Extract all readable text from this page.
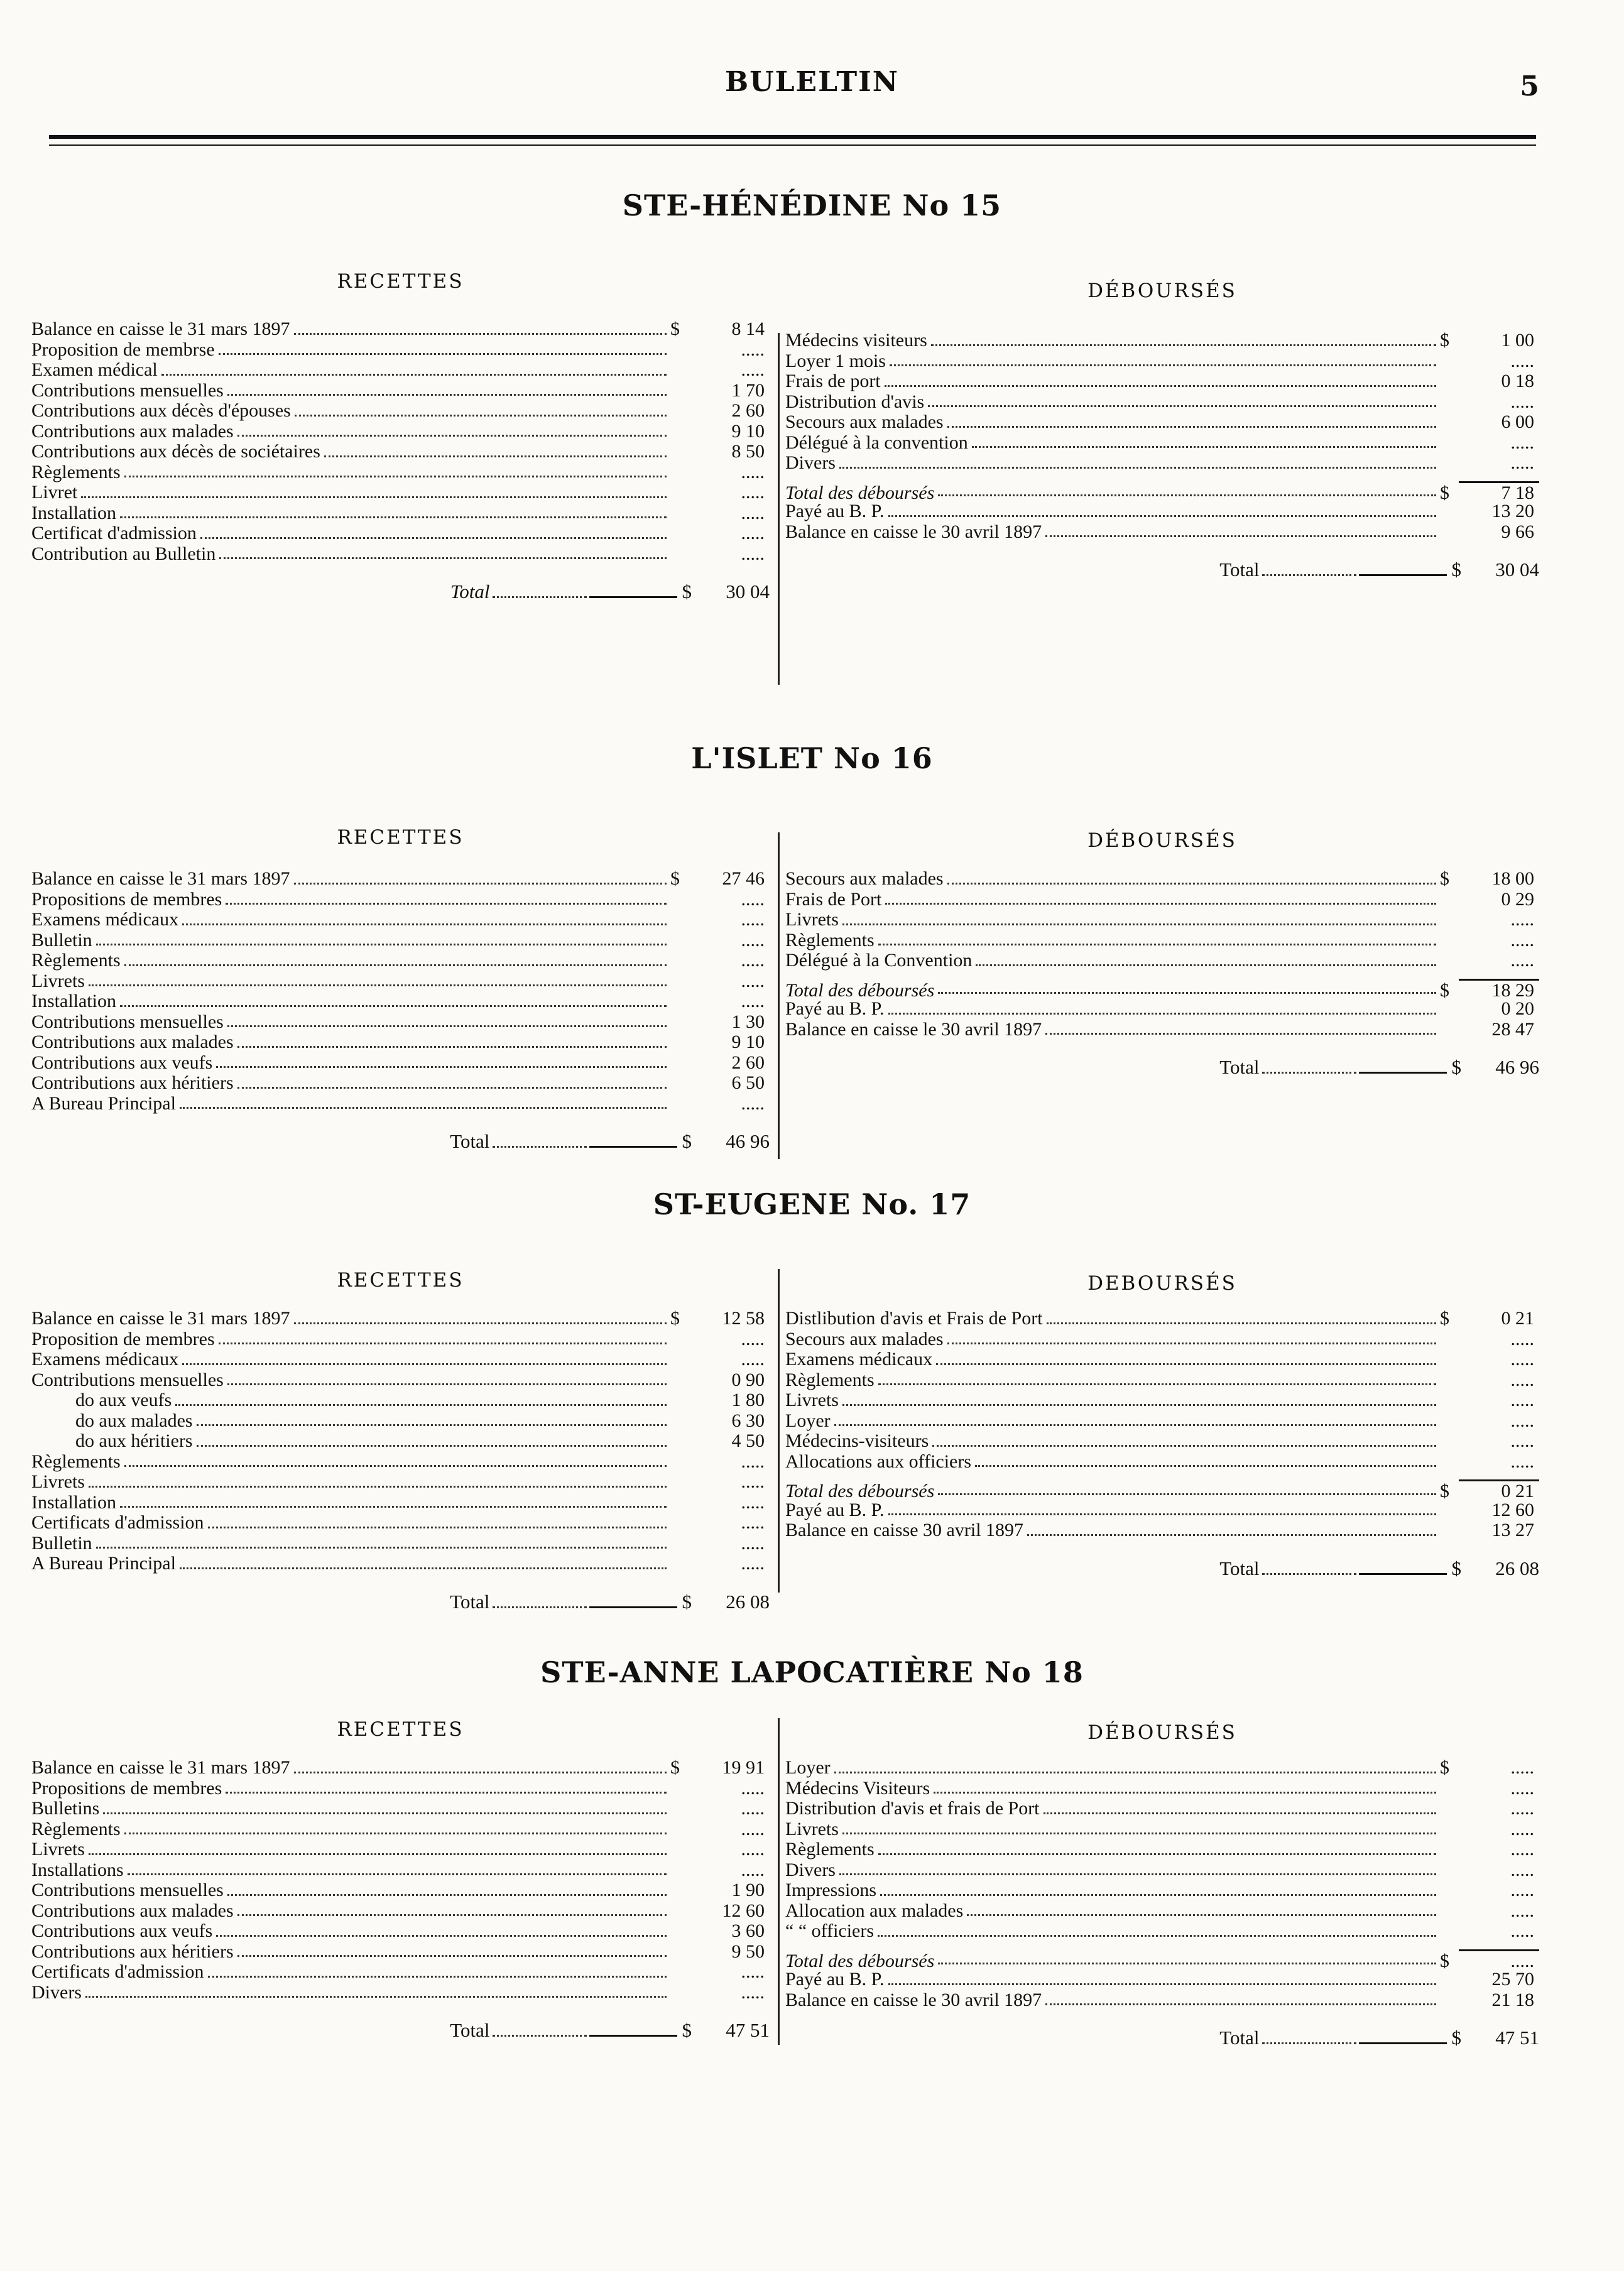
BULELTIN	5
STE-HÉNÉDINE No 15
RECETTES
Balance en caisse le 31 mars 1897	$	8 14
Proposition de membrse	.....
Examen médical	.....
Contributions mensuelles	1 70
Contributions aux décès d'épouses	2 60
Contributions aux malades	9 10
Contributions aux décès de sociétaires	8 50
Règlements	.....
Livret	.....
Installation	.....
Certificat d'admission	.....
Contribution au Bulletin	.....
Total	$	30 04
DÉBOURSÉS
Médecins visiteurs	$	1 00
Loyer 1 mois	.....
Frais de port	0 18
Distribution d'avis	.....
Secours aux malades	6 00
Délégué à la convention	.....
Divers	.....
Total des déboursés	$	7 18
Payé au B. P.	13 20
Balance en caisse le 30 avril 1897	9 66
Total	$	30 04
L'ISLET No 16
RECETTES
Balance en caisse le 31 mars 1897	$	27 46
Propositions de membres	.....
Examens médicaux	.....
Bulletin	.....
Règlements	.....
Livrets	.....
Installation	.....
Contributions mensuelles	1 30
Contributions aux malades	9 10
Contributions aux veufs	2 60
Contributions aux héritiers	6 50
A Bureau Principal	.....
Total	$	46 96
DÉBOURSÉS
Secours aux malades	$	18 00
Frais de Port	0 29
Livrets	.....
Règlements	.....
Délégué à la Convention	.....
Total des déboursés	$	18 29
Payé au B. P.	0 20
Balance en caisse le 30 avril 1897	28 47
Total	$	46 96
ST-EUGENE No. 17
RECETTES
Balance en caisse le 31 mars 1897	$	12 58
Proposition de membres	.....
Examens médicaux	.....
Contributions mensuelles	0 90
do aux veufs	1 80
do aux malades	6 30
do aux héritiers	4 50
Règlements	.....
Livrets	.....
Installation	.....
Certificats d'admission	.....
Bulletin	.....
A Bureau Principal	.....
Total	$	26 08
DEBOURSÉS
Distlibution d'avis et Frais de Port	$	0 21
Secours aux malades	.....
Examens médicaux	.....
Règlements	.....
Livrets	.....
Loyer	.....
Médecins-visiteurs	.....
Allocations aux officiers	.....
Total des déboursés	$	0 21
Payé au B. P.	12 60
Balance en caisse 30 avril 1897	13 27
Total	$	26 08
STE-ANNE LAPOCATIÈRE No 18
RECETTES
Balance en caisse le 31 mars 1897	$	19 91
Propositions de membres	.....
Bulletins	.....
Règlements	.....
Livrets	.....
Installations	.....
Contributions mensuelles	1 90
Contributions aux malades	12 60
Contributions aux veufs	3 60
Contributions aux héritiers	9 50
Certificats d'admission	.....
Divers	.....
Total	$	47 51
DÉBOURSÉS
Loyer	$	.....
Médecins Visiteurs	.....
Distribution d'avis et frais de Port	.....
Livrets	.....
Règlements	.....
Divers	.....
Impressions	.....
Allocation aux malades	.....
“ “ officiers	.....
Total des déboursés	$	.....
Payé au B. P.	25 70
Balance en caisse le 30 avril 1897	21 18
Total	$	47 51
